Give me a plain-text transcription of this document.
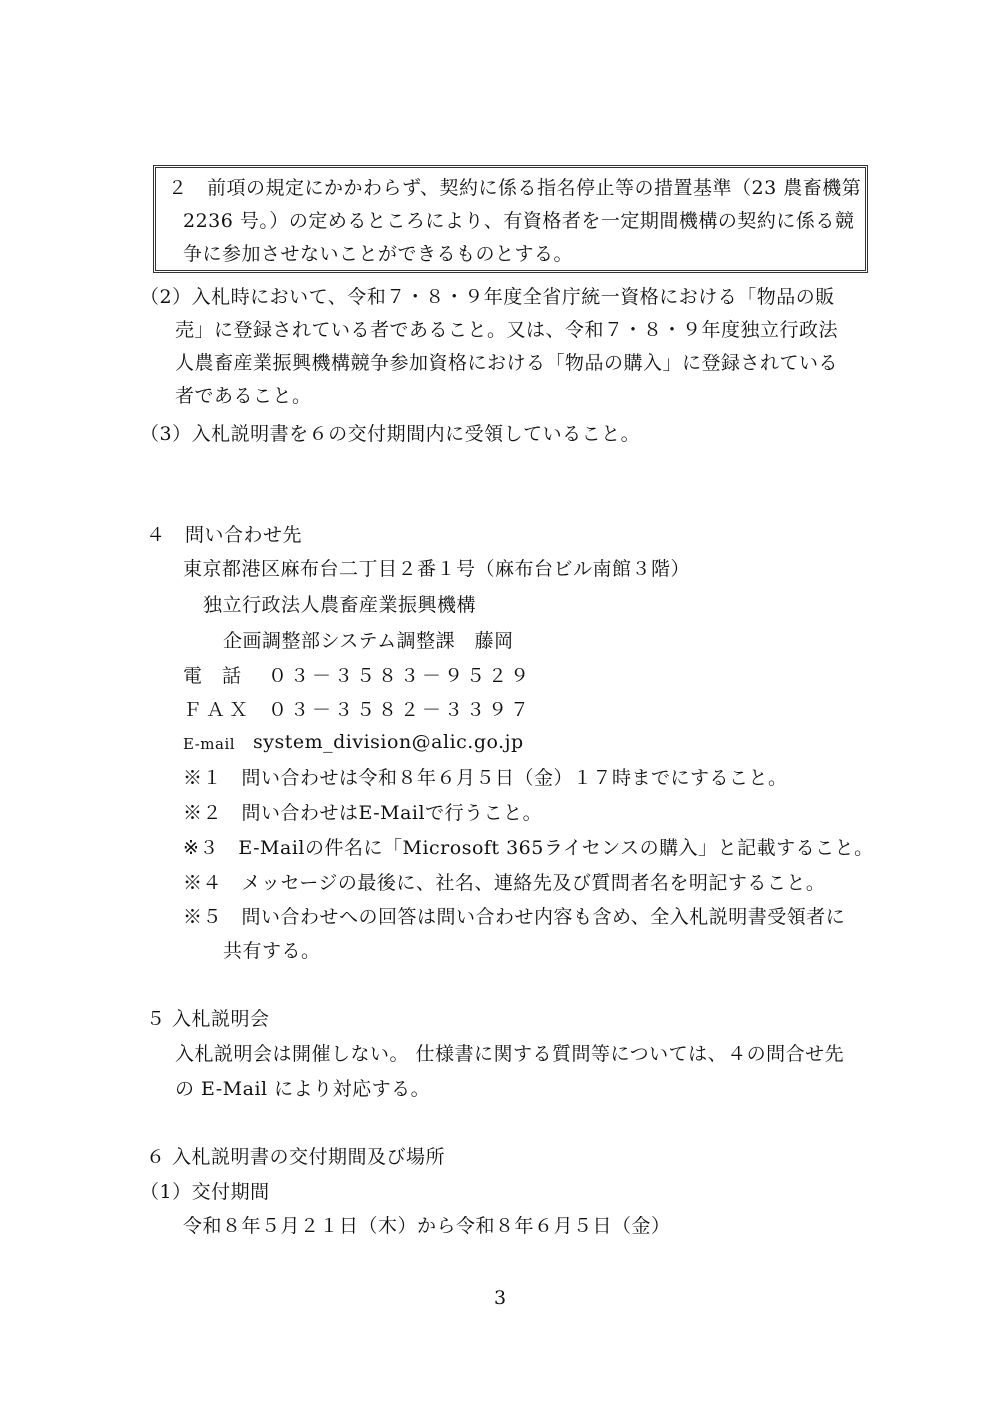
２　前項の規定にかかわらず、契約に係る指名停止等の措置基準（23 農畜機第

2236 号。）の定めるところにより、有資格者を一定期間機構の契約に係る競

争に参加させないことができるものとする。

（2）入札時において、令和７・８・９年度全省庁統一資格における「物品の販

売」に登録されている者であること。又は、令和７・８・９年度独立行政法

人農畜産業振興機構競争参加資格における「物品の購入」に登録されている

者であること。

（3）入札説明書を６の交付期間内に受領していること。

４　問い合わせ先

東京都港区麻布台二丁目２番１号（麻布台ビル南館３階）

独立行政法人農畜産業振興機構

企画調整部システム調整課　藤岡

電　話 ０３－３５８３－９５２９

ＦＡＸ ０３－３５８２－３３９７

E-mail system_division@alic.go.jp

※１　問い合わせは令和８年６月５日（金）１７時までにすること。

※２　問い合わせはE-Mailで行うこと。

※３　E-Mailの件名に「Microsoft 365ライセンスの購入」と記載すること。

※４　メッセージの最後に、社名、連絡先及び質問者名を明記すること。

※５　問い合わせへの回答は問い合わせ内容も含め、全入札説明書受領者に

共有する。

５ 入札説明会

入札説明会は開催しない。 仕様書に関する質問等については、４の問合せ先

の E-Mail により対応する。

６ 入札説明書の交付期間及び場所

（1）交付期間

令和８年５月２１日（木）から令和８年６月５日（金）

3
